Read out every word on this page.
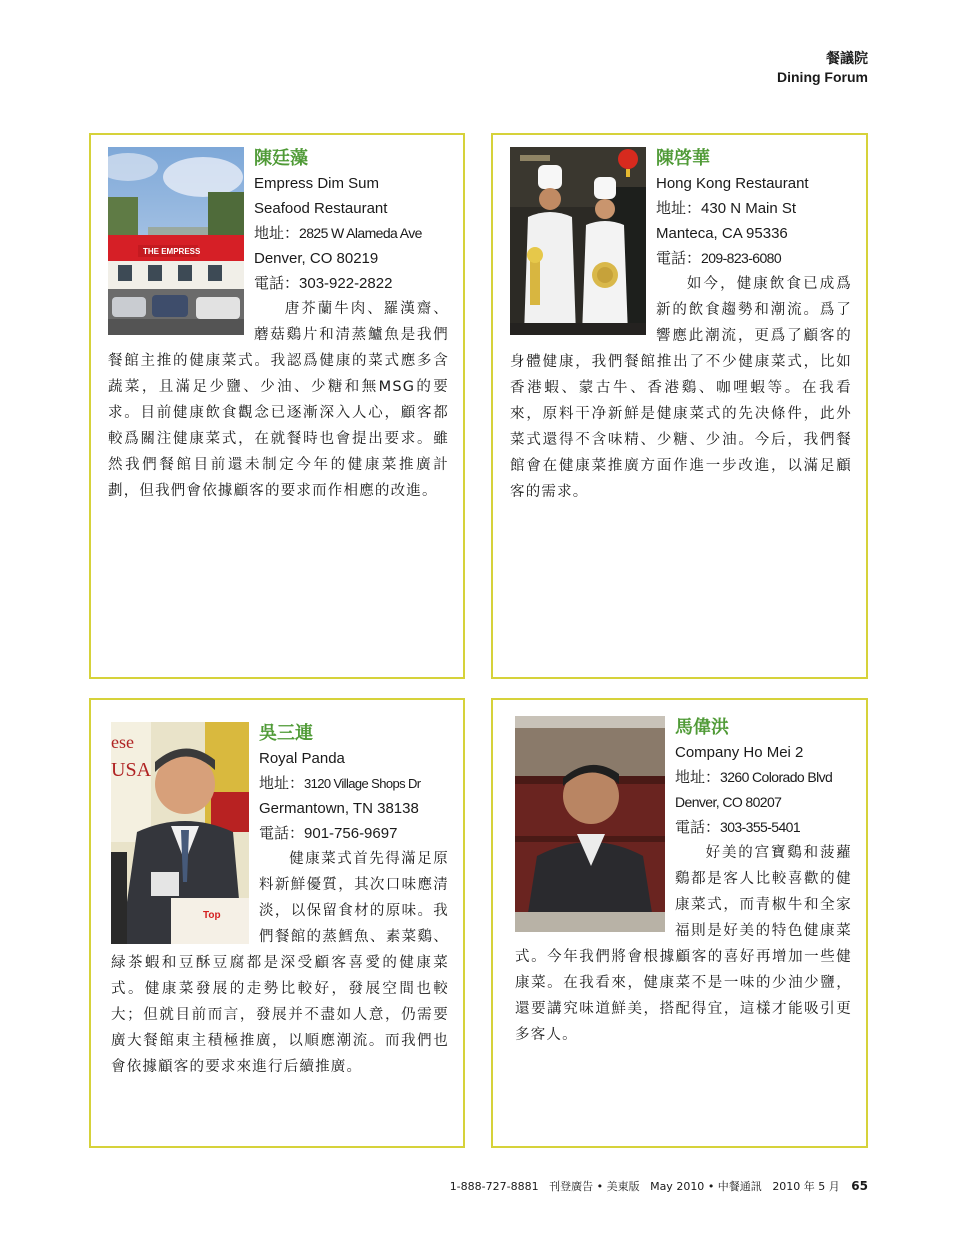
餐議院
Dining Forum
THE EMPRESS
陳廷藻
Empress Dim Sum
Seafood Restaurant
地址：2825 W Alameda Ave
Denver, CO 80219
電話：303-922-2822
唐芥蘭牛肉、羅漢齋、蘑菇鷄片和清蒸鱸魚是我們餐館主推的健康菜式。我認爲健康的菜式應多含蔬菜，且滿足少鹽、少油、少糖和無MSG的要求。目前健康飲食觀念已逐漸深入人心，顧客都較爲關注健康菜式，在就餐時也會提出要求。雖然我們餐館目前還未制定今年的健康菜推廣計劃，但我們會依據顧客的要求而作相應的改進。
陳啓華
Hong Kong Restaurant
地址：430 N Main St
Manteca, CA 95336
電話：209-823-6080
如今，健康飲食已成爲新的飲食趨勢和潮流。爲了響應此潮流，更爲了顧客的身體健康，我們餐館推出了不少健康菜式，比如香港蝦、蒙古牛、香港鷄、咖哩蝦等。在我看來，原料干净新鮮是健康菜式的先决條件，此外菜式還得不含味精、少糖、少油。今后，我們餐館會在健康菜推廣方面作進一步改進，以滿足顧客的需求。
ese
USA
Top
吳三連
Royal Panda
地址：3120 Village Shops Dr
Germantown, TN 38138
電話：901-756-9697
健康菜式首先得滿足原料新鮮優質，其次口味應清淡，以保留食材的原味。我們餐館的蒸鱈魚、素菜鷄、緑茶蝦和豆酥豆腐都是深受顧客喜愛的健康菜式。健康菜發展的走勢比較好，發展空間也較大；但就目前而言，發展并不盡如人意，仍需要廣大餐館東主積極推廣，以順應潮流。而我們也會依據顧客的要求來進行后續推廣。
馬偉洪
Company Ho Mei 2
地址：3260 Colorado Blvd
Denver, CO 80207
電話：303-355-5401
好美的宫寶鷄和菠蘿鷄都是客人比較喜歡的健康菜式，而青椒牛和全家福則是好美的特色健康菜式。今年我們將會根據顧客的喜好再增加一些健康菜。在我看來，健康菜不是一味的少油少鹽，還要講究味道鮮美，搭配得宜，這樣才能吸引更多客人。
1-888-727-8881 刊登廣告 • 美東版 May 2010 • 中餐通訊 2010 年 5 月 65
